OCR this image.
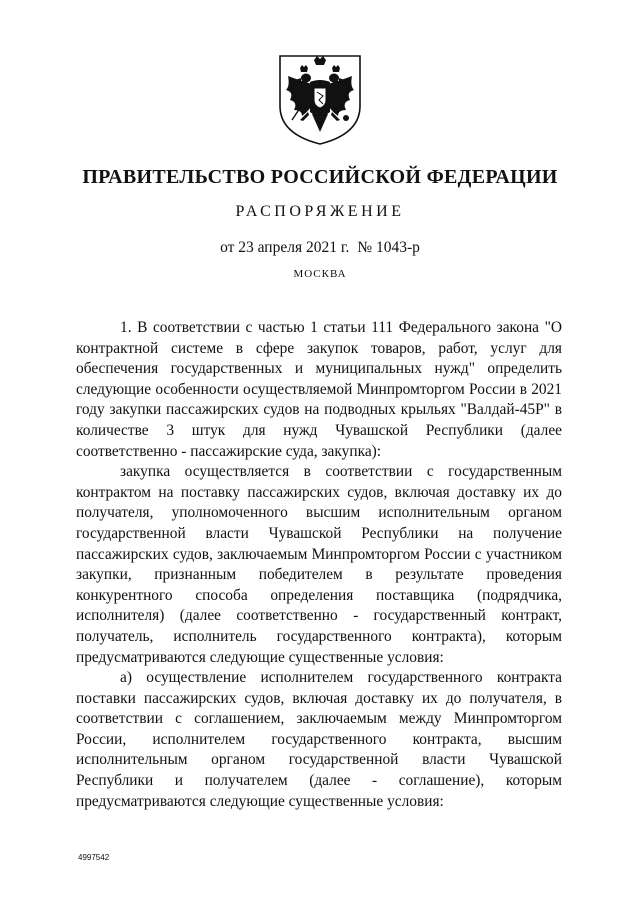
ПРАВИТЕЛЬСТВО РОССИЙСКОЙ ФЕДЕРАЦИИ
РАСПОРЯЖЕНИЕ
от 23 апреля 2021 г. № 1043-р
МОСКВА

1. В соответствии с частью 1 статьи 111 Федерального закона "О контрактной системе в сфере закупок товаров, работ, услуг для обеспечения государственных и муниципальных нужд" определить следующие особенности осуществляемой Минпромторгом России в 2021 году закупки пассажирских судов на подводных крыльях "Валдай-45Р" в количестве 3 штук для нужд Чувашской Республики (далее соответственно - пассажирские суда, закупка):

закупка осуществляется в соответствии с государственным контрактом на поставку пассажирских судов, включая доставку их до получателя, уполномоченного высшим исполнительным органом государственной власти Чувашской Республики на получение пассажирских судов, заключаемым Минпромторгом России с участником закупки, признанным победителем в результате проведения конкурентного способа определения поставщика (подрядчика, исполнителя) (далее соответственно - государственный контракт, получатель, исполнитель государственного контракта), которым предусматриваются следующие существенные условия:

а) осуществление исполнителем государственного контракта поставки пассажирских судов, включая доставку их до получателя, в соответствии с соглашением, заключаемым между Минпромторгом России, исполнителем государственного контракта, высшим исполнительным органом государственной власти Чувашской Республики и получателем (далее - соглашение), которым предусматриваются следующие существенные условия:

4997542
